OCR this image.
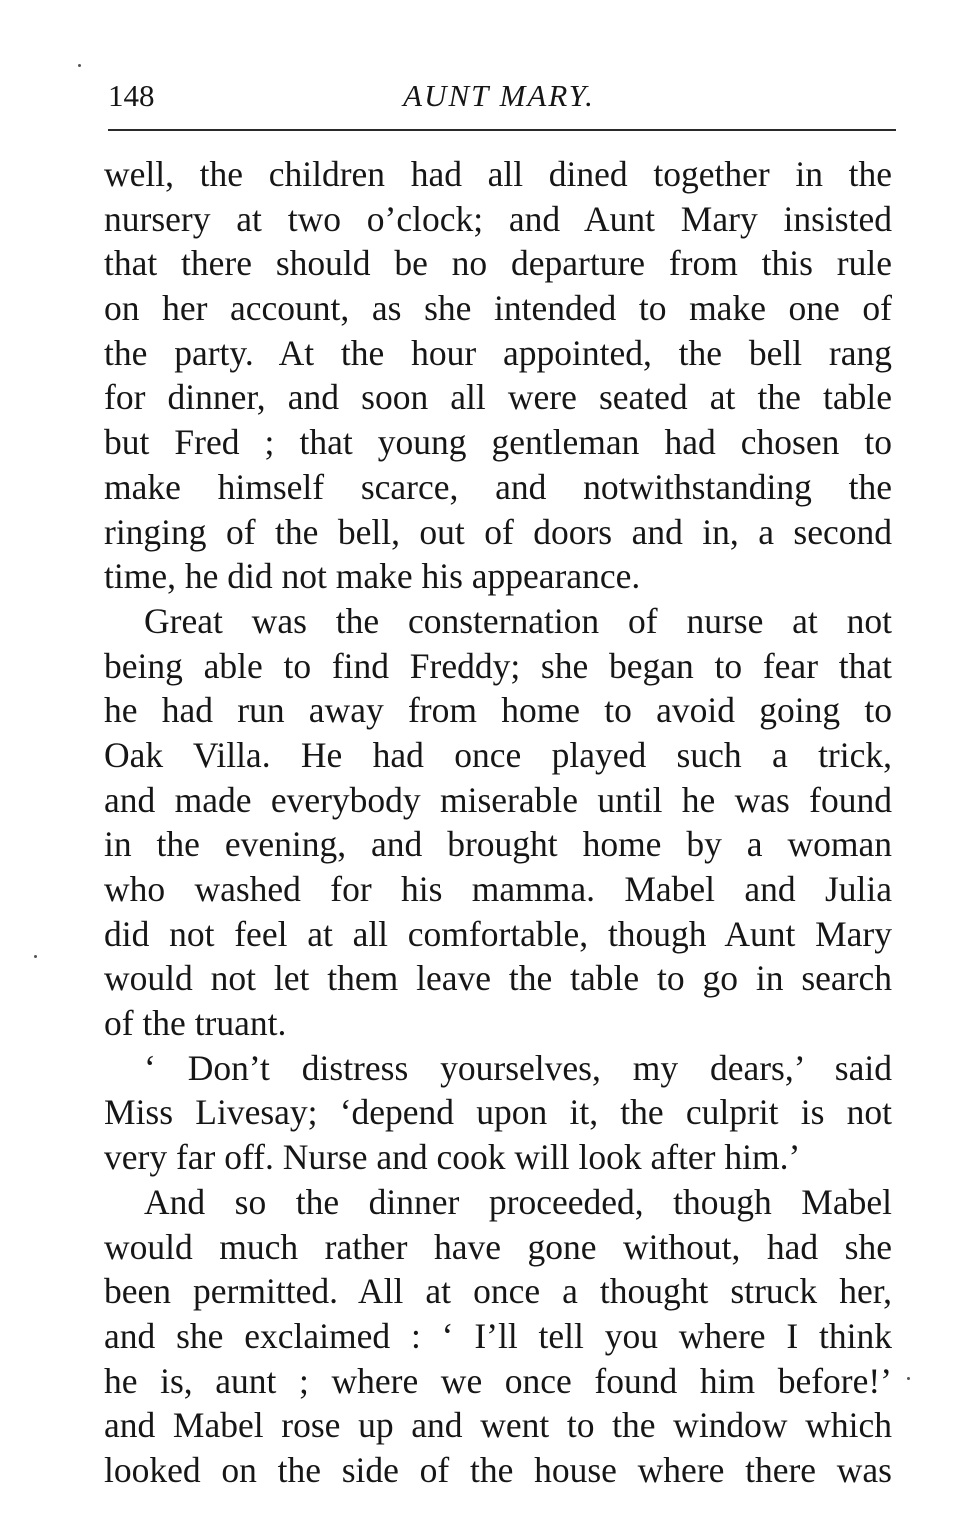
148	AUNT MARY.
well, the children had all dined together in the
nursery at two o’clock; and Aunt Mary insisted
that there should be no departure from this rule
on her account, as she intended to make one of
the party. At the hour appointed, the bell rang
for dinner, and soon all were seated at the table
but Fred ; that young gentleman had chosen to
make himself scarce, and notwithstanding the
ringing of the bell, out of doors and in, a second
time, he did not make his appearance.
Great was the consternation of nurse at not
being able to find Freddy; she began to fear that
he had run away from home to avoid going to
Oak Villa. He had once played such a trick,
and made everybody miserable until he was found
in the evening, and brought home by a woman
who washed for his mamma. Mabel and Julia
did not feel at all comfortable, though Aunt Mary
would not let them leave the table to go in search
of the truant.
‘ Don’t distress yourselves, my dears,’ said
Miss Livesay; ‘depend upon it, the culprit is not
very far off. Nurse and cook will look after him.’
And so the dinner proceeded, though Mabel
would much rather have gone without, had she
been permitted. All at once a thought struck her,
and she exclaimed : ‘ I’ll tell you where I think
he is, aunt ; where we once found him before!’
and Mabel rose up and went to the window which
looked on the side of the house where there was
